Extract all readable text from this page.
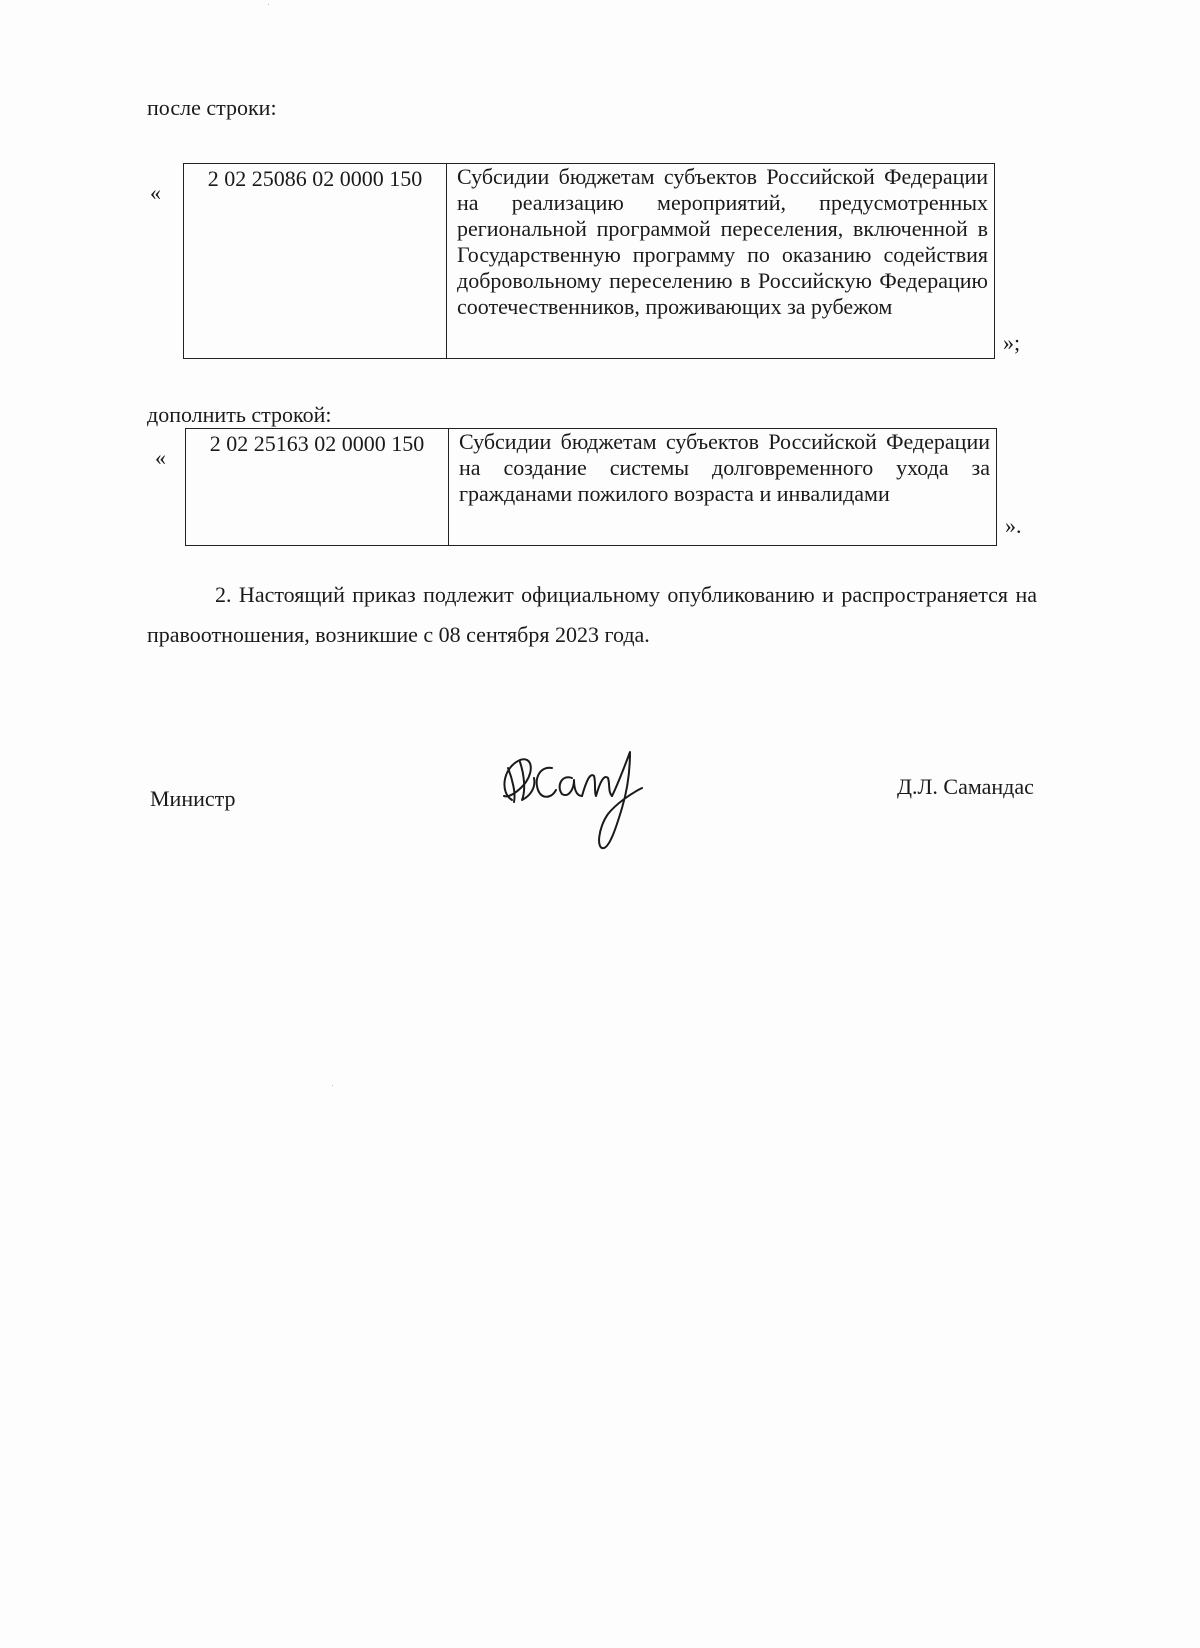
после строки:
«
2 02 25086 02 0000 150	Субсидии бюджетам субъектов Российской Федерации на реализацию мероприятий, предусмотренных региональной программой переселения, включенной в Государственную программу по оказанию содействия добровольному переселению в Российскую Федерацию соотечественников, проживающих за рубежом
»;
дополнить строкой:
«
2 02 25163 02 0000 150	Субсидии бюджетам субъектов Российской Федерации на создание системы долговременного ухода за гражданами пожилого возраста и инвалидами
».
2. Настоящий приказ подлежит официальному опубликованию и распространяется на правоотношения, возникшие с 08 сентября 2023 года.
Министр	Д.Л. Самандас
